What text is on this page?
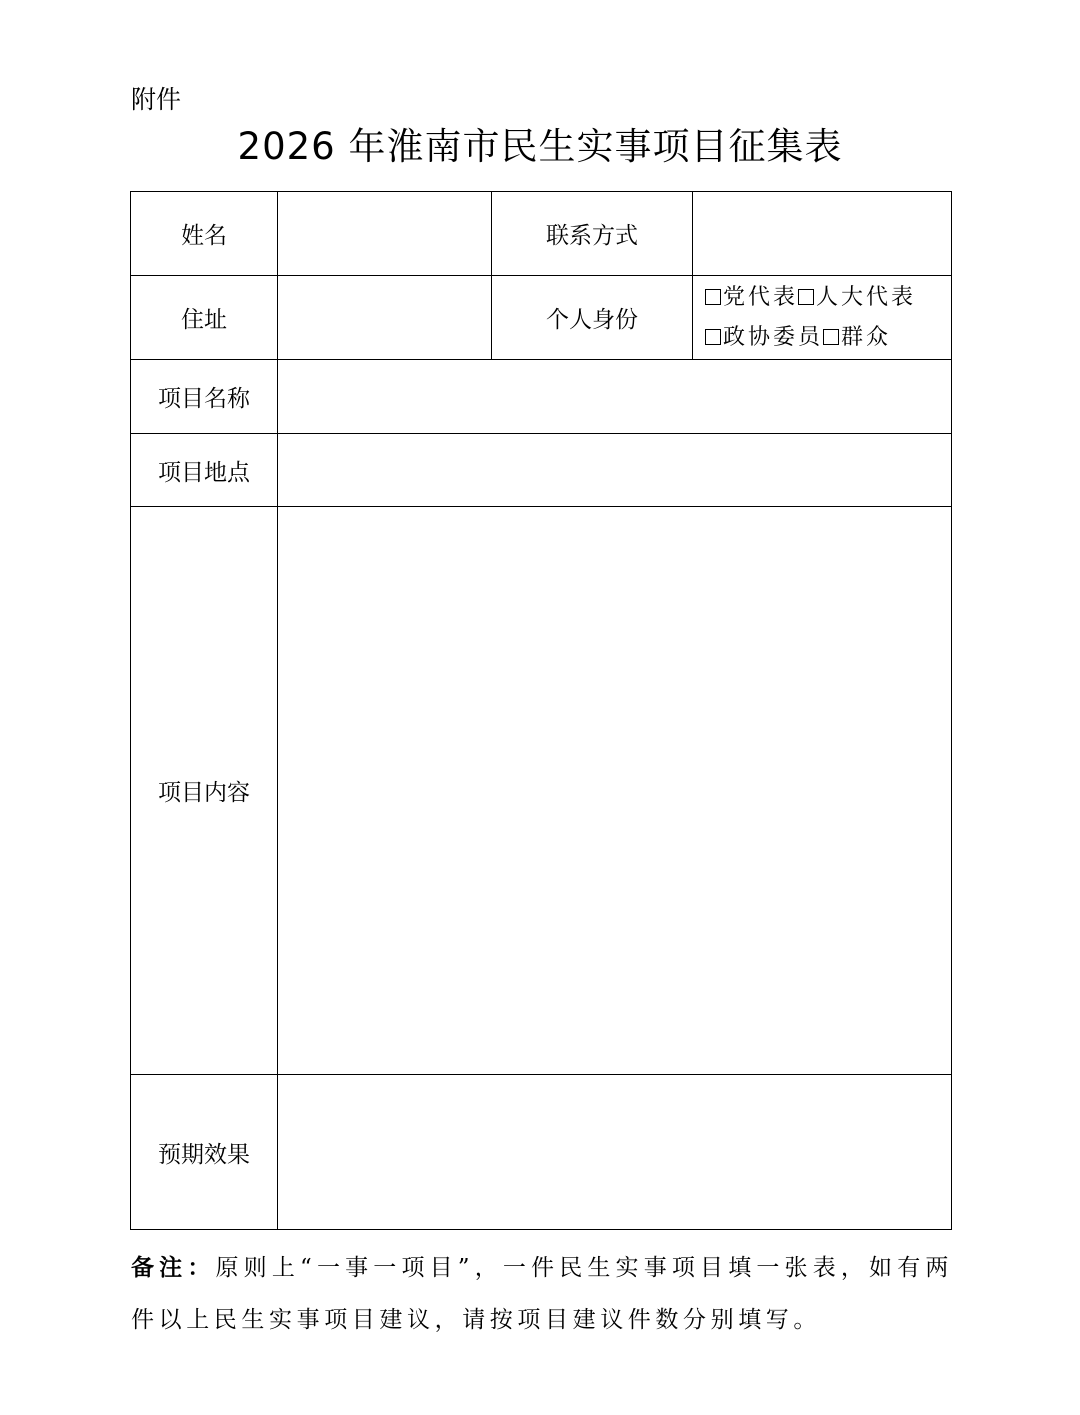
附件
2026 年淮南市民生实事项目征集表
姓名		联系方式	
住址		个人身份	党代表 人大代表
政协委员 群众

项目名称			
项目地点			
项目内容			
预期效果			
备注：原则上“一事一项目”，一件民生实事项目填一张表，如有两件以上民生实事项目建议，请按项目建议件数分别填写。
